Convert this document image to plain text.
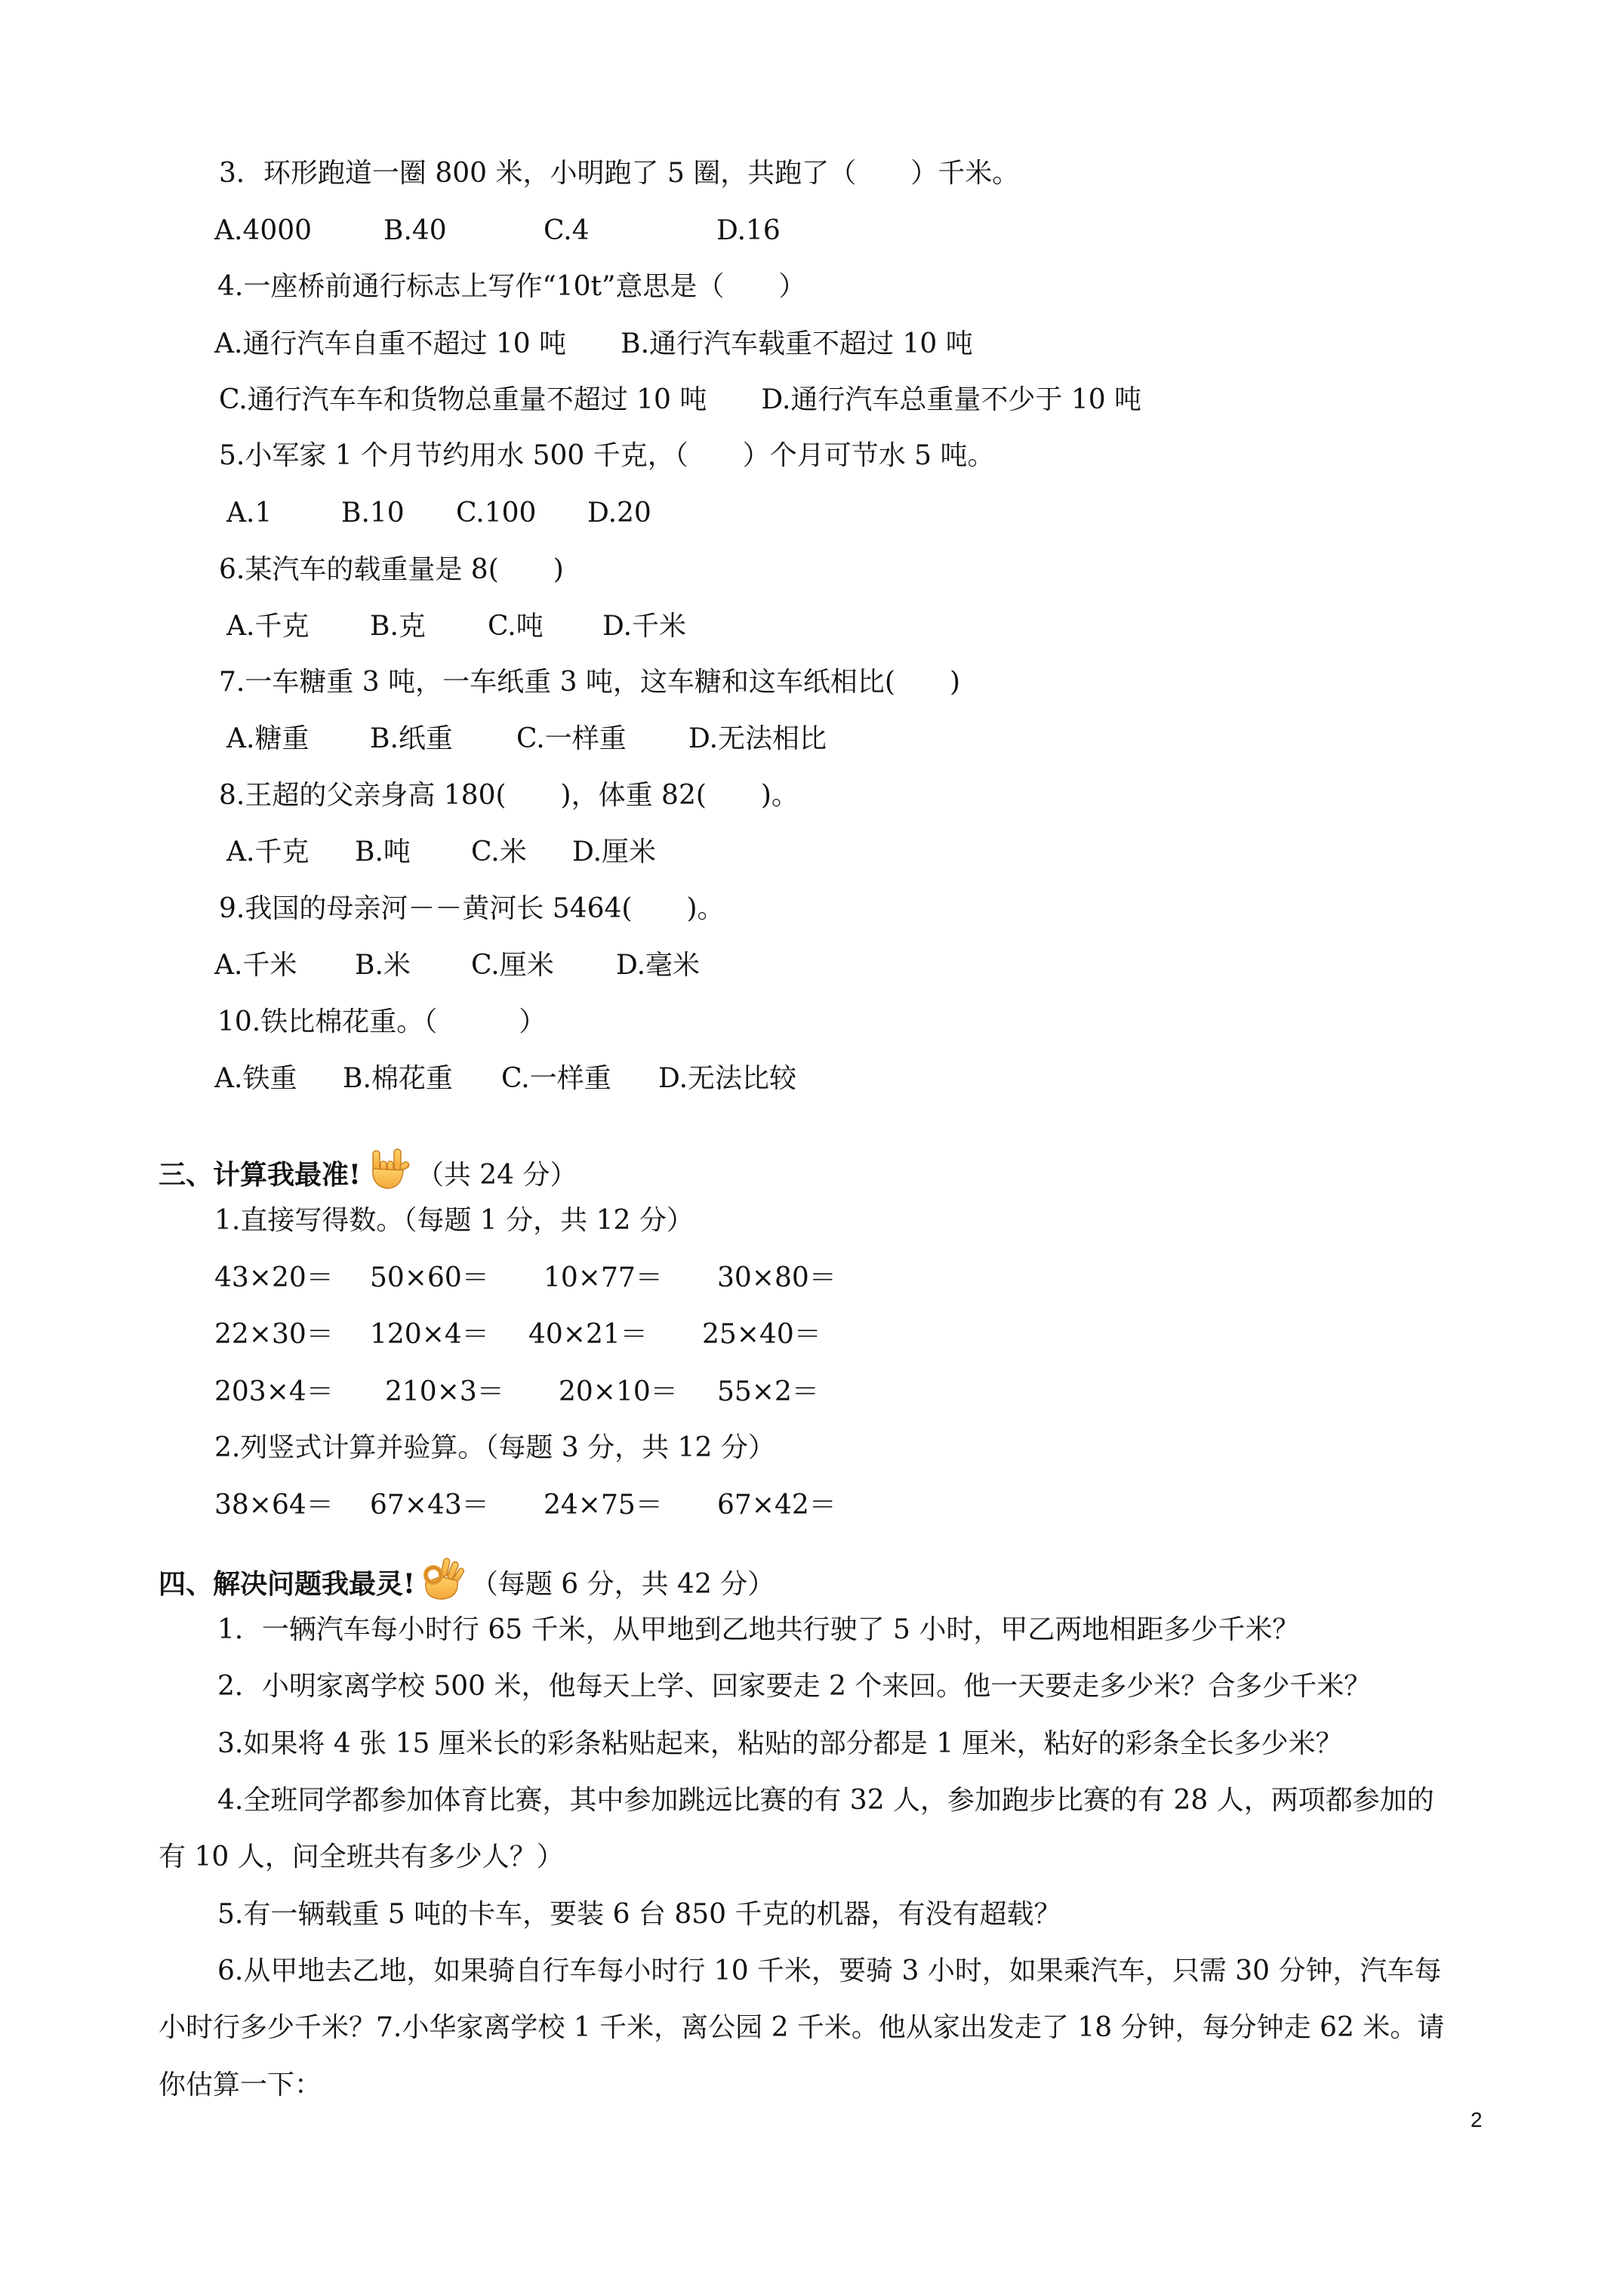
3．环形跑道一圈 800 米，小明跑了 5 圈，共跑了（　　）千米。
A.4000	B.40	C.4	D.16
4.一座桥前通行标志上写作“10t”意思是（　　）
A.通行汽车自重不超过 10 吨　　B.通行汽车载重不超过 10 吨
C.通行汽车车和货物总重量不超过 10 吨　　D.通行汽车总重量不少于 10 吨
5.小军家 1 个月节约用水 500 千克，（　　）个月可节水 5 吨。
A.1	B.10 C.100 D.20
6.某汽车的载重量是 8(　　)
A.千克 B.克 C.吨 D.千米
7.一车糖重 3 吨，一车纸重 3 吨，这车糖和这车纸相比(　　)
A.糖重 B.纸重 C.一样重 D.无法相比
8.王超的父亲身高 180(　　)，体重 82(　　)。
A.千克 B.吨 C.米 D.厘米
9.我国的母亲河－－黄河长 5464(　　)。
A.千米 B.米 C.厘米 D.毫米
10.铁比棉花重。（　　　）
A.铁重 B.棉花重 C.一样重 D.无法比较
三、计算我最准! （共 24 分）
1.直接写得数。（每题 1 分，共 12 分）
43×20＝ 50×60＝ 10×77＝ 30×80＝
22×30＝ 120×4＝ 40×21＝ 25×40＝
203×4＝ 210×3＝ 20×10＝ 55×2＝
2.列竖式计算并验算。（每题 3 分，共 12 分）
38×64＝ 67×43＝ 24×75＝ 67×42＝
四、解决问题我最灵! （每题 6 分，共 42 分）
1．一辆汽车每小时行 65 千米，从甲地到乙地共行驶了 5 小时，甲乙两地相距多少千米？
2．小明家离学校 500 米，他每天上学、回家要走 2 个来回。他一天要走多少米？合多少千米？
3.如果将 4 张 15 厘米长的彩条粘贴起来，粘贴的部分都是 1 厘米，粘好的彩条全长多少米？
4.全班同学都参加体育比赛，其中参加跳远比赛的有 32 人，参加跑步比赛的有 28 人，两项都参加的
有 10 人，问全班共有多少人？）
5.有一辆载重 5 吨的卡车，要装 6 台 850 千克的机器，有没有超载？
6.从甲地去乙地，如果骑自行车每小时行 10 千米，要骑 3 小时，如果乘汽车，只需 30 分钟，汽车每
小时行多少千米？7.小华家离学校 1 千米，离公园 2 千米。他从家出发走了 18 分钟，每分钟走 62 米。请
你估算一下：
2
